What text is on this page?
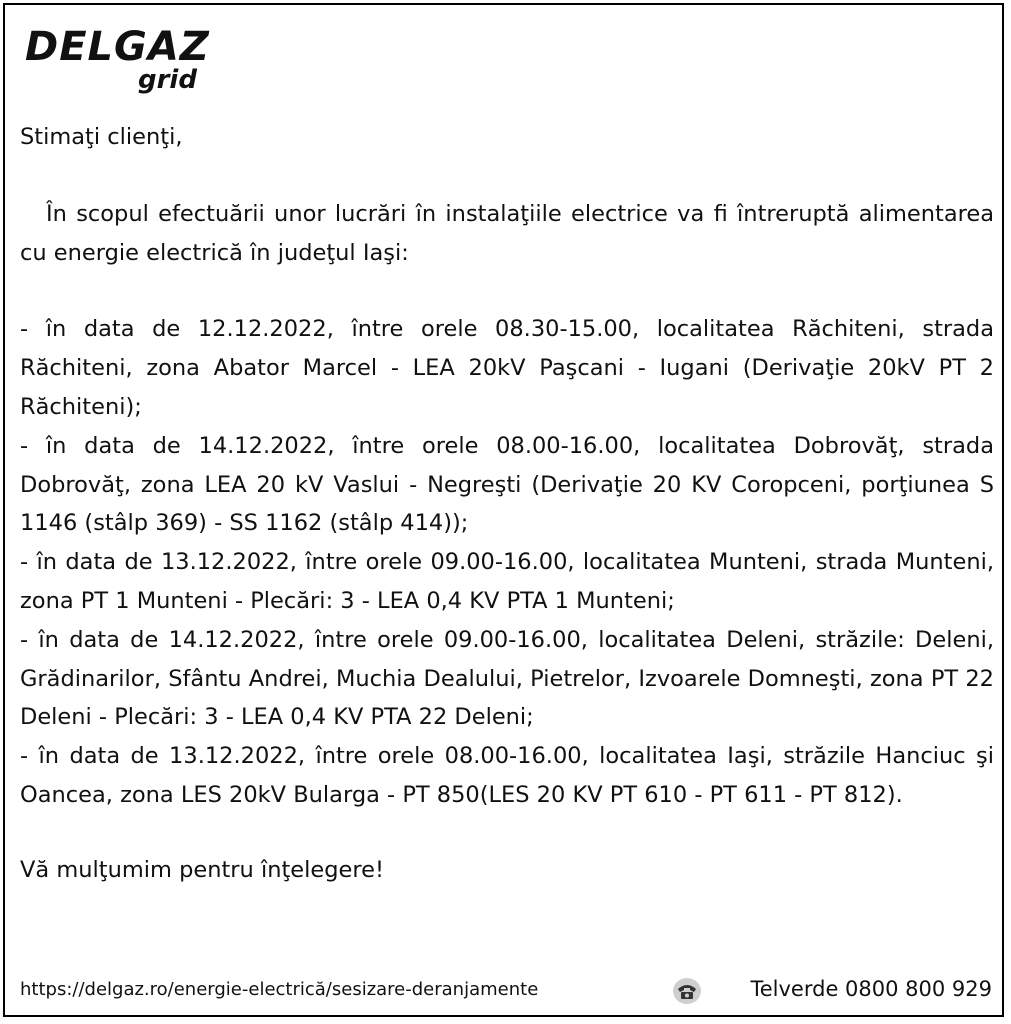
DELGAZ
grid

Stimaţi clienţi,

În scopul efectuării unor lucrări în instalaţiile electrice va fi întreruptă alimentarea cu energie electrică în judeţul Iaşi:

- în data de 12.12.2022, între orele 08.30-15.00, localitatea Răchiteni, strada Răchiteni, zona Abator Marcel - LEA 20kV Paşcani - Iugani (Derivaţie 20kV PT 2 Răchiteni);

- în data de 14.12.2022, între orele 08.00-16.00, localitatea Dobrovăţ, strada Dobrovăţ, zona LEA 20 kV Vaslui - Negreşti (Derivaţie 20 KV Coropceni, porţiunea S 1146 (stâlp 369) - SS 1162 (stâlp 414));

- în data de 13.12.2022, între orele 09.00-16.00, localitatea Munteni, strada Munteni, zona PT 1 Munteni - Plecări: 3 - LEA 0,4 KV PTA 1 Munteni;

- în data de 14.12.2022, între orele 09.00-16.00, localitatea Deleni, străzile: Deleni, Grădinarilor, Sfântu Andrei, Muchia Dealului, Pietrelor, Izvoarele Domneşti, zona PT 22 Deleni - Plecări: 3 - LEA 0,4 KV PTA 22 Deleni;

- în data de 13.12.2022, între orele 08.00-16.00, localitatea Iaşi, străzile Hanciuc şi Oancea, zona LES 20kV Bularga - PT 850(LES 20 KV PT 610 - PT 611 - PT 812).

Vă mulţumim pentru înţelegere!

https://delgaz.ro/energie-electrică/sesizare-deranjamente	Telverde 0800 800 929
